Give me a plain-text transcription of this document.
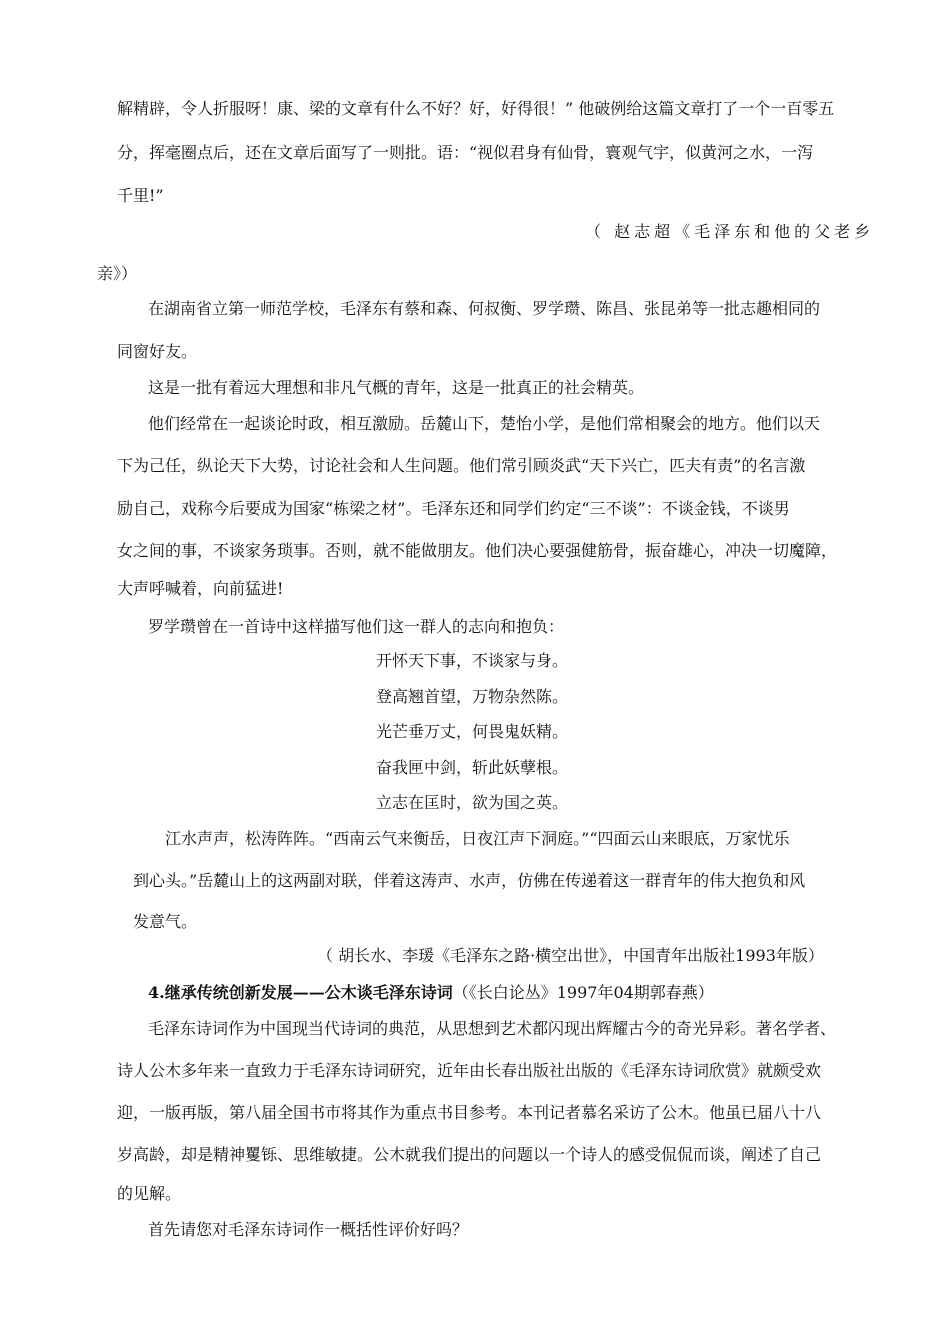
解精辟，令人折服呀！康、梁的文章有什么不好？好，好得很！” 他破例给这篇文章打了一个一百零五
分，挥毫圈点后，还在文章后面写了一则批。语：“视似君身有仙骨，寰观气宇，似黄河之水，一泻
千里!”
（ 赵志超《毛泽东和他的父老乡
亲》）
在湖南省立第一师范学校，毛泽东有蔡和森、何叔衡、罗学瓒、陈昌、张昆弟等一批志趣相同的
同窗好友。
这是一批有着远大理想和非凡气概的青年，这是一批真正的社会精英。
他们经常在一起谈论时政，相互激励。岳麓山下，楚怡小学，是他们常相聚会的地方。他们以天
下为己任，纵论天下大势，讨论社会和人生问题。他们常引顾炎武“天下兴亡，匹夫有责”的名言激
励自己，戏称今后要成为国家“栋梁之材”。毛泽东还和同学们约定“三不谈”：不谈金钱，不谈男
女之间的事，不谈家务琐事。否则，就不能做朋友。他们决心要强健筋骨，振奋雄心，冲决一切魔障，
大声呼喊着，向前猛进!
罗学瓒曾在一首诗中这样描写他们这一群人的志向和抱负：
开怀天下事，不谈家与身。
登高翘首望，万物杂然陈。
光芒垂万丈，何畏鬼妖精。
奋我匣中剑，斩此妖孽根。
立志在匡时，欲为国之英。
江水声声，松涛阵阵。“西南云气来衡岳，日夜江声下洞庭。”“四面云山来眼底，万家忧乐
到心头。”岳麓山上的这两副对联，伴着这涛声、水声，仿佛在传递着这一群青年的伟大抱负和风
发意气。
（ 胡长水、李瑗《毛泽东之路·横空出世》，中国青年出版社1993年版）
4.继承传统创新发展——公木谈毛泽东诗词（《长白论丛》1997年04期郭春燕）
毛泽东诗词作为中国现当代诗词的典范，从思想到艺术都闪现出辉耀古今的奇光异彩。著名学者、
诗人公木多年来一直致力于毛泽东诗词研究，近年由长春出版社出版的《毛泽东诗词欣赏》就颇受欢
迎，一版再版，第八届全国书市将其作为重点书目参考。本刊记者慕名采访了公木。他虽已届八十八
岁高龄，却是精神矍铄、思维敏捷。公木就我们提出的问题以一个诗人的感受侃侃而谈，阐述了自己
的见解。
首先请您对毛泽东诗词作一概括性评价好吗？
